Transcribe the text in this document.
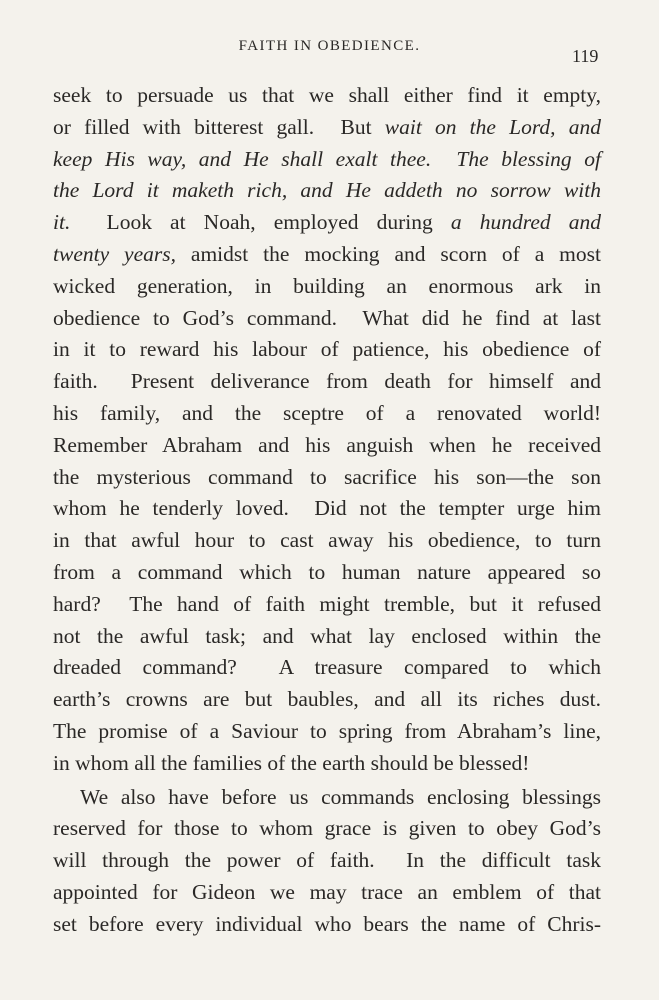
FAITH IN OBEDIENCE.	119
seek to persuade us that we shall either find it empty,
or filled with bitterest gall.  But wait on the Lord, and
keep His way, and He shall exalt thee.  The blessing of
the Lord it maketh rich, and He addeth no sorrow with
it.  Look at Noah, employed during a hundred and
twenty years, amidst the mocking and scorn of a most
wicked generation, in building an enormous ark in
obedience to God’s command.  What did he find at last
in it to reward his labour of patience, his obedience of
faith.  Present deliverance from death for himself and
his family, and the sceptre of a renovated world!
Remember Abraham and his anguish when he received
the mysterious command to sacrifice his son—the son
whom he tenderly loved.  Did not the tempter urge him
in that awful hour to cast away his obedience, to turn
from a command which to human nature appeared so
hard?  The hand of faith might tremble, but it refused
not the awful task; and what lay enclosed within the
dreaded command?  A treasure compared to which
earth’s crowns are but baubles, and all its riches dust.
The promise of a Saviour to spring from Abraham’s line,
in whom all the families of the earth should be blessed!
We also have before us commands enclosing blessings
reserved for those to whom grace is given to obey God’s
will through the power of faith.  In the difficult task
appointed for Gideon we may trace an emblem of that
set before every individual who bears the name of Chris-
